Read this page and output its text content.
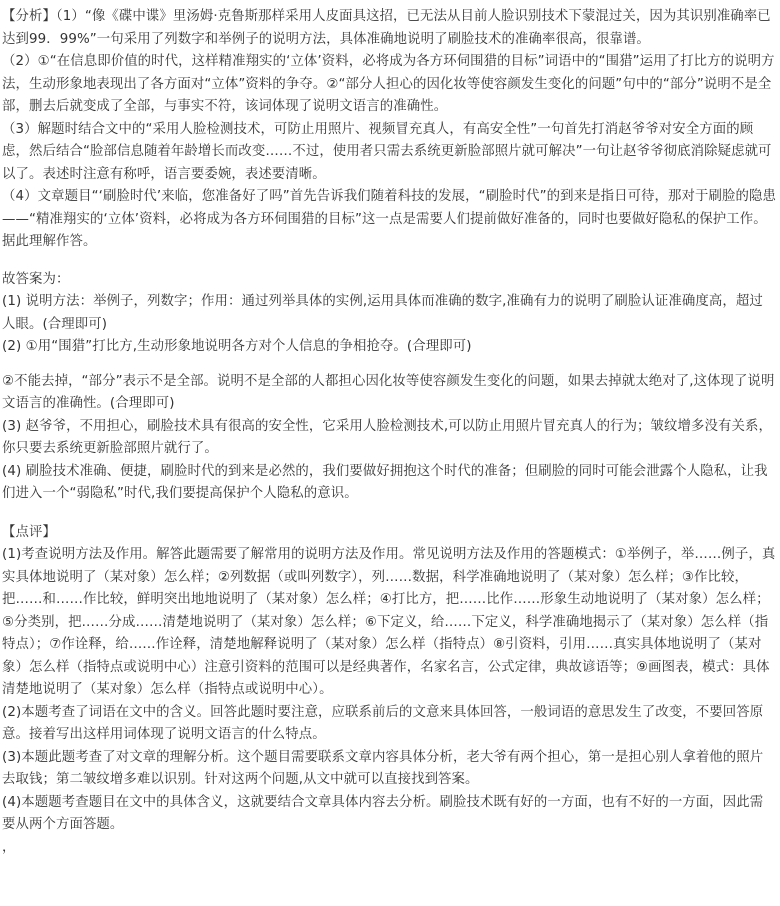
【分析】（1）“像《碟中谍》里汤姆·克鲁斯那样采用人皮面具这招，已无法从目前人脸识别技术下蒙混过关，因为其识别准确率已达到99．99%”一句采用了列数字和举例子的说明方法，具体准确地说明了刷脸技术的准确率很高，很靠谱。

（2）①“在信息即价值的时代，这样精准翔实的‘立体’资料，必将成为各方环伺围猎的目标”词语中的“围猎”运用了打比方的说明方法，生动形象地表现出了各方面对“立体”资料的争夺。②“部分人担心的因化妆等使容颜发生变化的问题”句中的“部分”说明不是全部，删去后就变成了全部，与事实不符，该词体现了说明文语言的准确性。

（3）解题时结合文中的“采用人脸检测技术，可防止用照片、视频冒充真人，有高安全性”一句首先打消赵爷爷对安全方面的顾虑，然后结合“脸部信息随着年龄增长而改变……不过，使用者只需去系统更新脸部照片就可解决”一句让赵爷爷彻底消除疑虑就可以了。表述时注意有称呼，语言要委婉，表述要清晰。

（4）文章题目“‘刷脸时代’来临，您准备好了吗”首先告诉我们随着科技的发展，“刷脸时代”的到来是指日可待，那对于刷脸的隐患——“精准翔实的‘立体’资料，必将成为各方环伺围猎的目标”这一点是需要人们提前做好准备的，同时也要做好隐私的保护工作。据此理解作答。

故答案为：

(1) 说明方法：举例子，列数字；作用：通过列举具体的实例,运用具体而准确的数字,准确有力的说明了刷脸认证准确度高，超过人眼。(合理即可)

(2) ①用“围猎”打比方,生动形象地说明各方对个人信息的争相抢夺。(合理即可)

②不能去掉，“部分”表示不是全部。说明不是全部的人都担心因化妆等使容颜发生变化的问题，如果去掉就太绝对了,这体现了说明文语言的准确性。(合理即可)

(3) 赵爷爷，不用担心，刷脸技术具有很高的安全性，它采用人脸检测技术,可以防止用照片冒充真人的行为；皱纹增多没有关系，你只要去系统更新脸部照片就行了。

(4) 刷脸技术准确、便捷，刷脸时代的到来是必然的，我们要做好拥抱这个时代的准备；但刷脸的同时可能会泄露个人隐私，让我们进入一个“弱隐私”时代,我们要提高保护个人隐私的意识。

【点评】

(1)考查说明方法及作用。解答此题需要了解常用的说明方法及作用。常见说明方法及作用的答题模式：①举例子，举……例子，真实具体地说明了（某对象）怎么样；②列数据（或叫列数字），列……数据，科学准确地说明了（某对象）怎么样；③作比较，把……和……作比较，鲜明突出地地说明了（某对象）怎么样；④打比方，把……比作……形象生动地说明了（某对象）怎么样；⑤分类别，把……分成……清楚地说明了（某对象）怎么样；⑥下定义，给……下定义，科学准确地揭示了（某对象）怎么样（指特点）；⑦作诠释，给……作诠释，清楚地解释说明了（某对象）怎么样（指特点）⑧引资料，引用……真实具体地说明了（某对象）怎么样（指特点或说明中心）注意引资料的范围可以是经典著作，名家名言，公式定律，典故谚语等；⑨画图表，模式：具体清楚地说明了（某对象）怎么样（指特点或说明中心）。

(2)本题考查了词语在文中的含义。回答此题时要注意，应联系前后的文意来具体回答，一般词语的意思发生了改变，不要回答原意。接着写出这样用词体现了说明文语言的什么特点。

(3)本题此题考查了对文章的理解分析。这个题目需要联系文章内容具体分析，老大爷有两个担心，第一是担心别人拿着他的照片去取钱；第二皱纹增多难以识别。针对这两个问题,从文中就可以直接找到答案。

(4)本题题考查题目在文中的具体含义，这就要结合文章具体内容去分析。刷脸技术既有好的一方面，也有不好的一方面，因此需要从两个方面答题。

，
